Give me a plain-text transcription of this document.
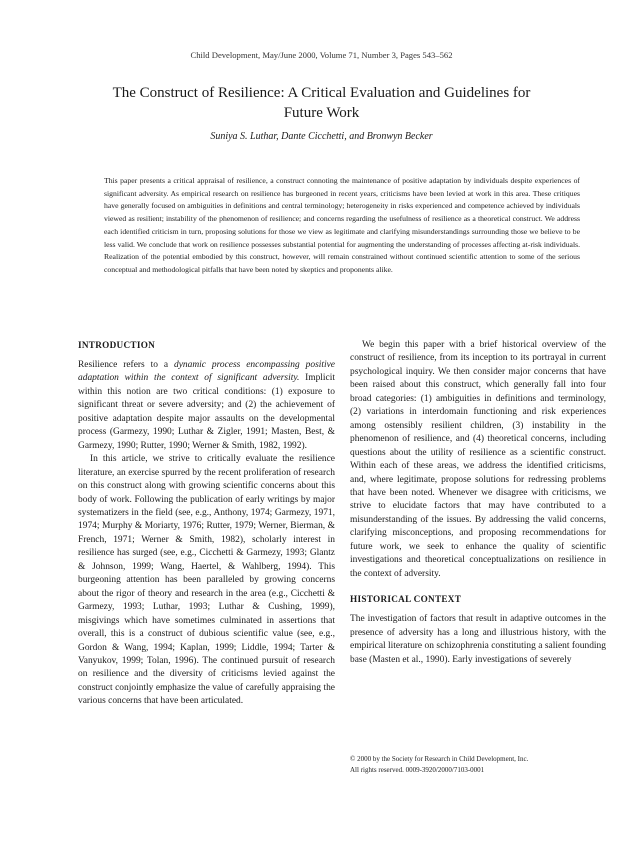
Child Development, May/June 2000, Volume 71, Number 3, Pages 543–562
The Construct of Resilience: A Critical Evaluation and Guidelines for Future Work
Suniya S. Luthar, Dante Cicchetti, and Bronwyn Becker

This paper presents a critical appraisal of resilience, a construct connoting the maintenance of positive adaptation by individuals despite experiences of significant adversity. As empirical research on resilience has burgeoned in recent years, criticisms have been levied at work in this area. These critiques have generally focused on ambiguities in definitions and central terminology; heterogeneity in risks experienced and competence achieved by individuals viewed as resilient; instability of the phenomenon of resilience; and concerns regarding the usefulness of resilience as a theoretical construct. We address each identified criticism in turn, proposing solutions for those we view as legitimate and clarifying misunderstandings surrounding those we believe to be less valid. We conclude that work on resilience possesses substantial potential for augmenting the understanding of processes affecting at-risk individuals. Realization of the potential embodied by this construct, however, will remain constrained without continued scientific attention to some of the serious conceptual and methodological pitfalls that have been noted by skeptics and proponents alike.

INTRODUCTION

Resilience refers to a dynamic process encompassing positive adaptation within the context of significant adversity. Implicit within this notion are two critical conditions: (1) exposure to significant threat or severe adversity; and (2) the achievement of positive adaptation despite major assaults on the developmental process (Garmezy, 1990; Luthar & Zigler, 1991; Masten, Best, & Garmezy, 1990; Rutter, 1990; Werner & Smith, 1982, 1992).

In this article, we strive to critically evaluate the resilience literature, an exercise spurred by the recent proliferation of research on this construct along with growing scientific concerns about this body of work. Following the publication of early writings by major systematizers in the field (see, e.g., Anthony, 1974; Garmezy, 1971, 1974; Murphy & Moriarty, 1976; Rutter, 1979; Werner, Bierman, & French, 1971; Werner & Smith, 1982), scholarly interest in resilience has surged (see, e.g., Cicchetti & Garmezy, 1993; Glantz & Johnson, 1999; Wang, Haertel, & Wahlberg, 1994). This burgeoning attention has been paralleled by growing concerns about the rigor of theory and research in the area (e.g., Cicchetti & Garmezy, 1993; Luthar, 1993; Luthar & Cushing, 1999), misgivings which have sometimes culminated in assertions that overall, this is a construct of dubious scientific value (see, e.g., Gordon & Wang, 1994; Kaplan, 1999; Liddle, 1994; Tarter & Vanyukov, 1999; Tolan, 1996). The continued pursuit of research on resilience and the diversity of criticisms levied against the construct conjointly emphasize the value of carefully appraising the various concerns that have been articulated.

We begin this paper with a brief historical overview of the construct of resilience, from its inception to its portrayal in current psychological inquiry. We then consider major concerns that have been raised about this construct, which generally fall into four broad categories: (1) ambiguities in definitions and terminology, (2) variations in interdomain functioning and risk experiences among ostensibly resilient children, (3) instability in the phenomenon of resilience, and (4) theoretical concerns, including questions about the utility of resilience as a scientific construct. Within each of these areas, we address the identified criticisms, and, where legitimate, propose solutions for redressing problems that have been noted. Whenever we disagree with criticisms, we strive to elucidate factors that may have contributed to a misunderstanding of the issues. By addressing the valid concerns, clarifying misconceptions, and proposing recommendations for future work, we seek to enhance the quality of scientific investigations and theoretical conceptualizations on resilience in the context of adversity.

HISTORICAL CONTEXT

The investigation of factors that result in adaptive outcomes in the presence of adversity has a long and illustrious history, with the empirical literature on schizophrenia constituting a salient founding base (Masten et al., 1990). Early investigations of severely

© 2000 by the Society for Research in Child Development, Inc.
All rights reserved. 0009-3920/2000/7103-0001
